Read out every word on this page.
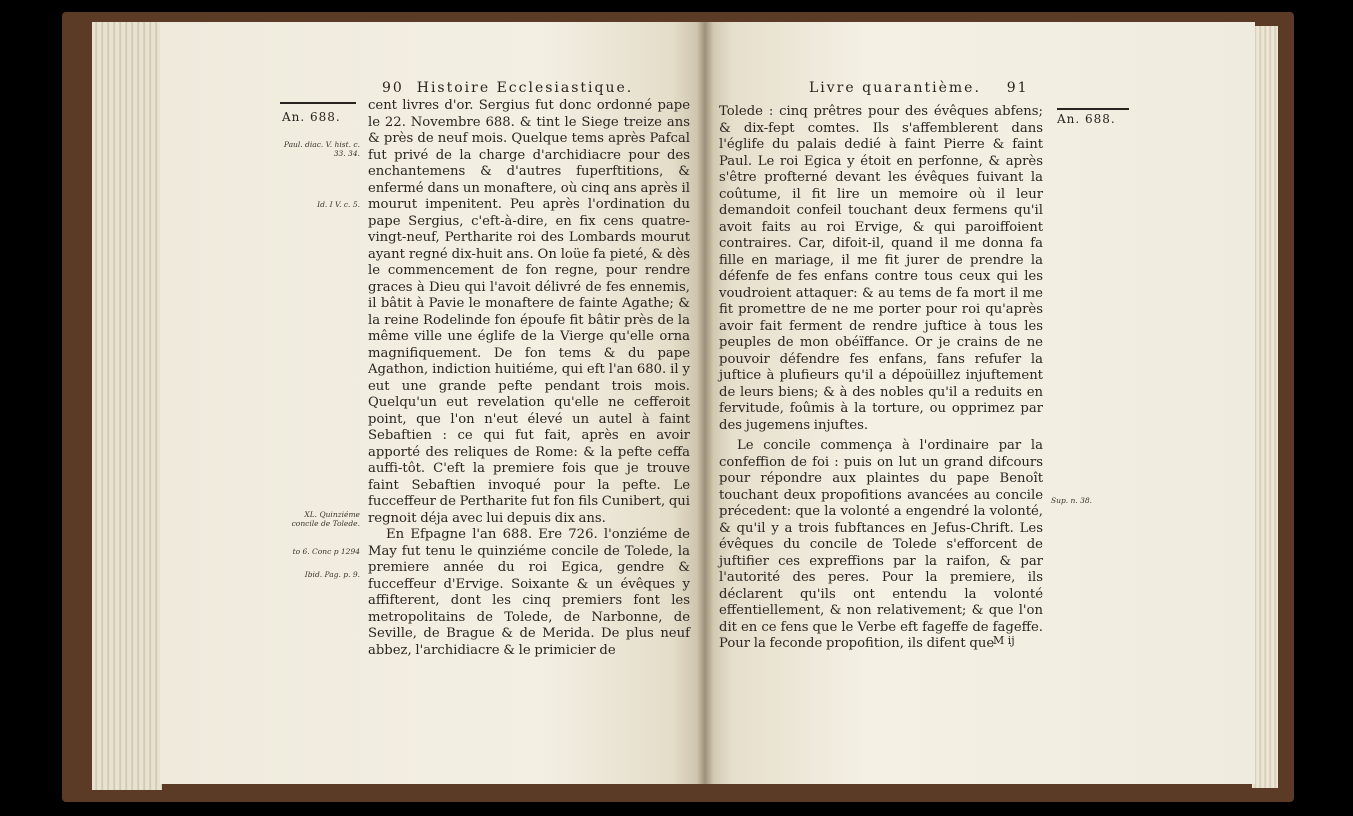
90 Histoire Ecclesiastique.
An. 688.
Paul. diac. V. hist. c. 33. 34.
Id. I V. c. 5.
XL. Quinziéme concile de Tolede.
to 6. Conc p 1294
Ibid. Pag. p. 9.

cent livres d'or. Sergius fut donc ordonné pape le 22. Novembre 688. & tint le Siege treize ans & près de neuf mois. Quelque tems après Pafcal fut privé de la charge d'archidiacre pour des enchantemens & d'autres fuperftitions, & enfermé dans un monaftere, où cinq ans après il mourut impenitent. Peu après l'ordination du pape Sergius, c'eft-à-dire, en fix cens quatre-vingt-neuf, Pertharite roi des Lombards mourut ayant regné dix-huit ans. On loüe fa pieté, & dès le commencement de fon regne, pour rendre graces à Dieu qui l'avoit délivré de fes ennemis, il bâtit à Pavie le monaftere de fainte Agathe; & la reine Rodelinde fon époufe fit bâtir près de la même ville une églife de la Vierge qu'elle orna magnifiquement. De fon tems & du pape Agathon, indiction huitiéme, qui eft l'an 680. il y eut une grande pefte pendant trois mois. Quelqu'un eut revelation qu'elle ne cefferoit point, que l'on n'eut élevé un autel à faint Sebaftien : ce qui fut fait, après en avoir apporté des reliques de Rome: & la pefte ceffa auffi-tôt. C'eft la premiere fois que je trouve faint Sebaftien invoqué pour la pefte. Le fucceffeur de Pertharite fut fon fils Cunibert, qui regnoit déja avec lui depuis dix ans.

En Efpagne l'an 688. Ere 726. l'onziéme de May fut tenu le quinziéme concile de Tolede, la premiere année du roi Egica, gendre & fucceffeur d'Ervige. Soixante & un évêques y affifterent, dont les cinq premiers font les metropolitains de Tolede, de Narbonne, de Seville, de Brague & de Merida. De plus neuf abbez, l'archidiacre & le primicier de

Livre quarantième. 91
An. 688.
Sup. n. 38.

Tolede : cinq prêtres pour des évêques abfens; & dix-fept comtes. Ils s'affemblerent dans l'églife du palais dedié à faint Pierre & faint Paul. Le roi Egica y étoit en perfonne, & après s'être profterné devant les évêques fuivant la coûtume, il fit lire un memoire où il leur demandoit confeil touchant deux fermens qu'il avoit faits au roi Ervige, & qui paroiffoient contraires. Car, difoit-il, quand il me donna fa fille en mariage, il me fit jurer de prendre la défenfe de fes enfans contre tous ceux qui les voudroient attaquer: & au tems de fa mort il me fit promettre de ne me porter pour roi qu'après avoir fait ferment de rendre juftice à tous les peuples de mon obéïffance. Or je crains de ne pouvoir défendre fes enfans, fans refufer la juftice à plufieurs qu'il a dépoüillez injuftement de leurs biens; & à des nobles qu'il a reduits en fervitude, foûmis à la torture, ou opprimez par des jugemens injuftes.

Le concile commença à l'ordinaire par la confeffion de foi : puis on lut un grand difcours pour répondre aux plaintes du pape Benoît touchant deux propofitions avancées au concile précedent: que la volonté a engendré la volonté, & qu'il y a trois fubftances en Jefus-Chrift. Les évêques du concile de Tolede s'efforcent de juftifier ces expreffions par la raifon, & par l'autorité des peres. Pour la premiere, ils déclarent qu'ils ont entendu la volonté effentiellement, & non relativement; & que l'on dit en ce fens que le Verbe eft fageffe de fageffe. Pour la feconde propofition, ils difent que

M ij
